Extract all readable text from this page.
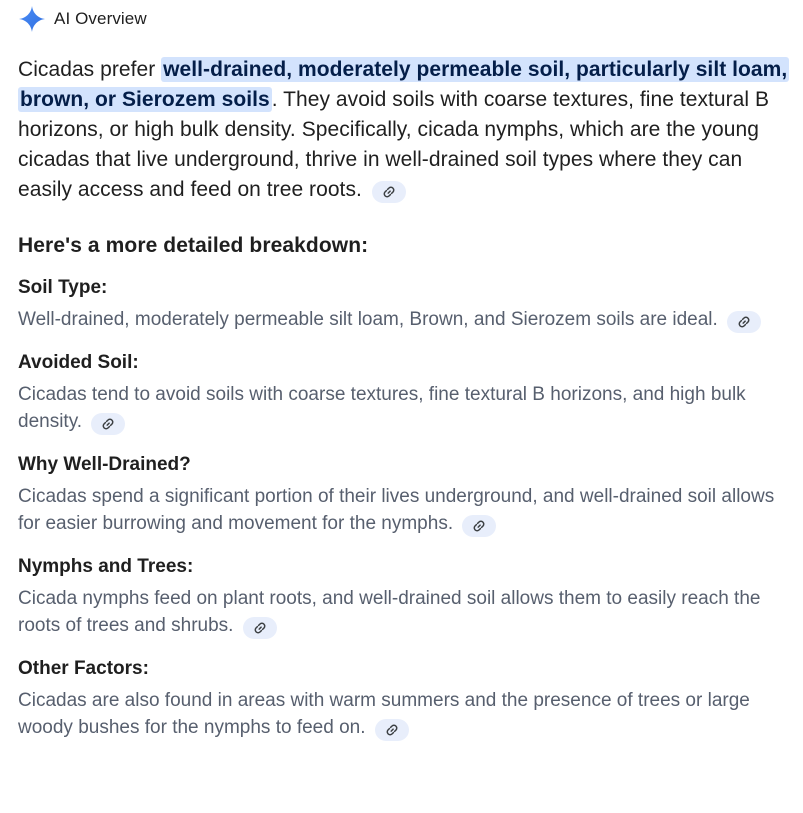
AI Overview
Cicadas prefer well-drained, moderately permeable soil, particularly silt loam, brown, or Sierozem soils. They avoid soils with coarse textures, fine textural B horizons, or high bulk density. Specifically, cicada nymphs, which are the young cicadas that live underground, thrive in well-drained soil types where they can easily access and feed on tree roots.
Here's a more detailed breakdown:
Soil Type:
Well-drained, moderately permeable silt loam, Brown, and Sierozem soils are ideal.
Avoided Soil:
Cicadas tend to avoid soils with coarse textures, fine textural B horizons, and high bulk density.
Why Well-Drained?
Cicadas spend a significant portion of their lives underground, and well-drained soil allows for easier burrowing and movement for the nymphs.
Nymphs and Trees:
Cicada nymphs feed on plant roots, and well-drained soil allows them to easily reach the roots of trees and shrubs.
Other Factors:
Cicadas are also found in areas with warm summers and the presence of trees or large woody bushes for the nymphs to feed on.
